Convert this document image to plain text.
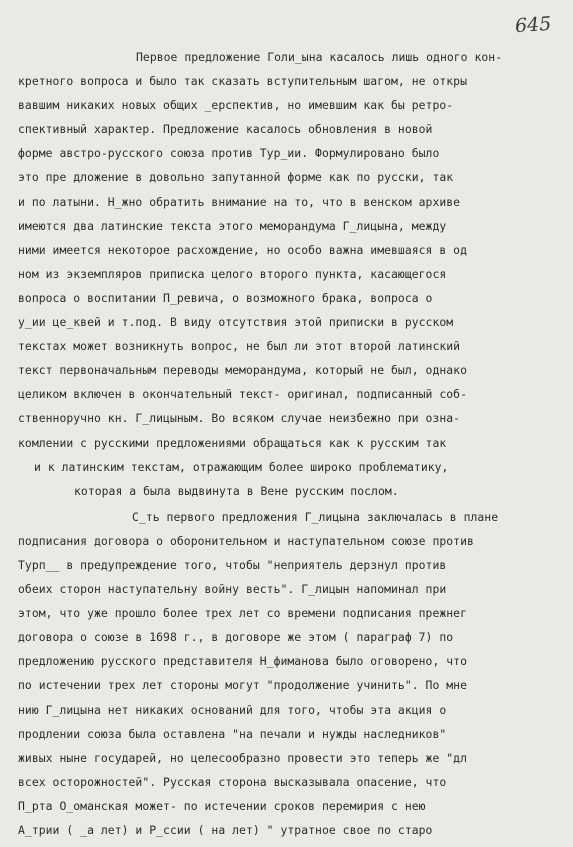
645

Первое предложение Голи_ына касалось лишь одного кон-
кретного вопроса и было так сказать вступительным шагом, не откры
вавшим никаких новых общих _ерспектив, но имевшим как бы ретро-
спективный характер. Предложение касалось обновления в новой
форме австро-русского союза против Тур_ии. Формулировано было
это пре дложение в довольно запутанной форме как по русски, так
и по латыни. Н_жно обратить внимание на то, что в венском архиве
имеются два латинские текста этого меморандума Г_лицына, между
ними имеется некоторое расхождение, но особо важна имевшаяся в од
ном из экземпляров приписка целого второго пункта, касающегося
вопроса о воспитании П_ревича, о возможного брака, вопроса о
у_ии це_квей и т.под. В виду отсутствия этой приписки в русском
текстах может возникнуть вопрос, не был ли этот второй латинский
текст первоначальным переводы меморандума, который не был, однако
целиком включен в окончательный текст- оригинал, подписанный соб-
ственноручно кн. Г_лицыным. Во всяком случае неизбежно при озна-
комлении с русскими предложениями обращаться как к русским так
и к латинским текстам, отражающим более широко проблематику,
которая а была выдвинута в Вене русским послом.
С_ть первого предложения Г_лицына заключалась в плане
подписания договора о оборонительном и наступательном союзе против
Турп__ в предупреждение того, чтобы "неприятель дерзнул против
обеих сторон наступательну войну весть". Г_лицын напоминал при
этом, что уже прошло более трех лет со времени подписания прежнег
договора о союзе в 1698 г., в договоре же этом ( параграф 7) по
предложению русского представителя Н_фиманова было оговорено, что
по истечении трех лет стороны могут "продолжение учинить". По мне
нию Г_лицына нет никаких оснований для того, чтобы эта акция о
продлении союза была оставлена "на печали и нужды наследников"
живых ныне государей, но целесообразно провести это теперь же "дл
всех осторожностей". Русская сторона высказывала опасение, что
П_рта О_оманская может- по истечении сроков перемирия с нею
А_трии ( _а лет) и Р_ссии ( на лет) " утратное свое по старо
